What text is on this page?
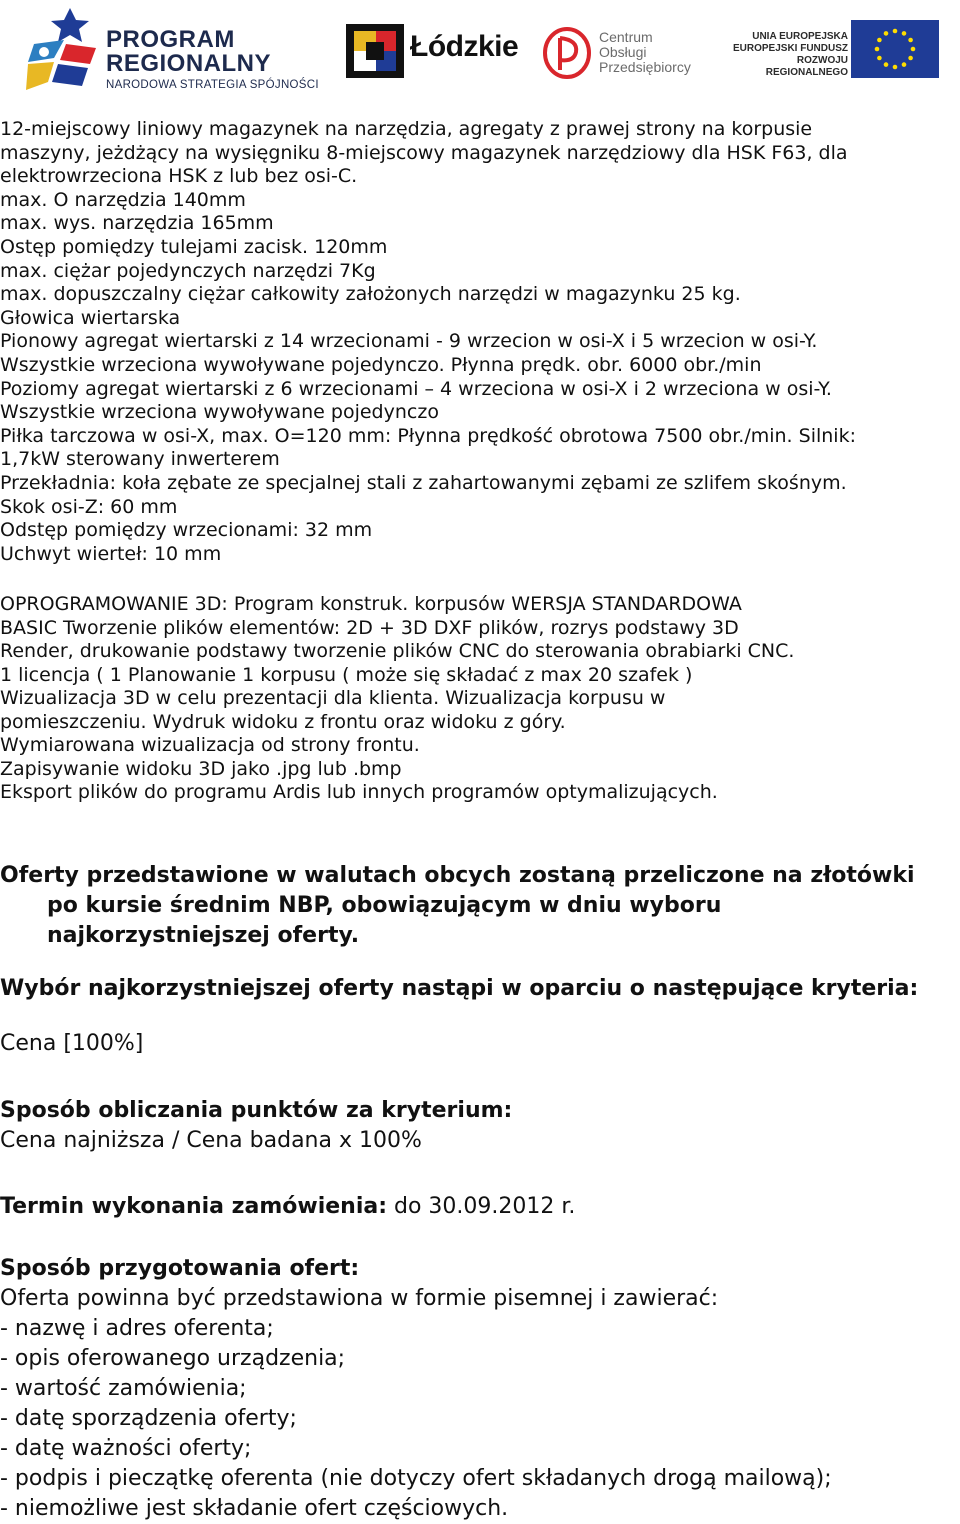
PROGRAM
REGIONALNY
NARODOWA STRATEGIA SPÓJNOŚCI
Łódzkie	Centrum
Obsługi
Przedsiębiorcy
UNIA EUROPEJSKA
EUROPEJSKI FUNDUSZ
ROZWOJU REGIONALNEGO
12-miejscowy liniowy magazynek na narzędzia, agregaty z prawej strony na korpusie
maszyny, jeżdżący na wysięgniku 8-miejscowy magazynek narzędziowy dla HSK F63, dla
elektrowrzeciona HSK z lub bez osi-C.
max. O narzędzia 140mm
max. wys. narzędzia 165mm
Ostęp pomiędzy tulejami zacisk. 120mm
max. ciężar pojedynczych narzędzi 7Kg
max. dopuszczalny ciężar całkowity założonych narzędzi w magazynku 25 kg.
Głowica wiertarska
Pionowy agregat wiertarski z 14 wrzecionami - 9 wrzecion w osi-X i 5 wrzecion w osi-Y.
Wszystkie wrzeciona wywoływane pojedynczo. Płynna prędk. obr. 6000 obr./min
Poziomy agregat wiertarski z 6 wrzecionami – 4 wrzeciona w osi-X i 2 wrzeciona w osi-Y.
Wszystkie wrzeciona wywoływane pojedynczo
Piłka tarczowa w osi-X, max. O=120 mm: Płynna prędkość obrotowa 7500 obr./min. Silnik:
1,7kW sterowany inwerterem
Przekładnia: koła zębate ze specjalnej stali z zahartowanymi zębami ze szlifem skośnym.
Skok osi-Z: 60 mm
Odstęp pomiędzy wrzecionami: 32 mm
Uchwyt wierteł: 10 mm
OPROGRAMOWANIE 3D: Program konstruk. korpusów WERSJA STANDARDOWA
BASIC Tworzenie plików elementów: 2D + 3D DXF plików, rozrys podstawy 3D
Render, drukowanie podstawy tworzenie plików CNC do sterowania obrabiarki CNC.
1 licencja ( 1 Planowanie 1 korpusu ( może się składać z max 20 szafek )
Wizualizacja 3D w celu prezentacji dla klienta. Wizualizacja korpusu w
pomieszczeniu. Wydruk widoku z frontu oraz widoku z góry.
Wymiarowana wizualizacja od strony frontu.
Zapisywanie widoku 3D jako .jpg lub .bmp
Eksport plików do programu Ardis lub innych programów optymalizujących.
Oferty przedstawione w walutach obcych zostaną przeliczone na złotówki
po kursie średnim NBP, obowiązującym w dniu wyboru
najkorzystniejszej oferty.
Wybór najkorzystniejszej oferty nastąpi w oparciu o następujące kryteria:
Cena [100%]
Sposób obliczania punktów za kryterium:
Cena najniższa / Cena badana x 100%
Termin wykonania zamówienia: do 30.09.2012 r.
Sposób przygotowania ofert:
Oferta powinna być przedstawiona w formie pisemnej i zawierać:
- nazwę i adres oferenta;
- opis oferowanego urządzenia;
- wartość zamówienia;
- datę sporządzenia oferty;
- datę ważności oferty;
- podpis i pieczątkę oferenta (nie dotyczy ofert składanych drogą mailową);
- niemożliwe jest składanie ofert częściowych.
